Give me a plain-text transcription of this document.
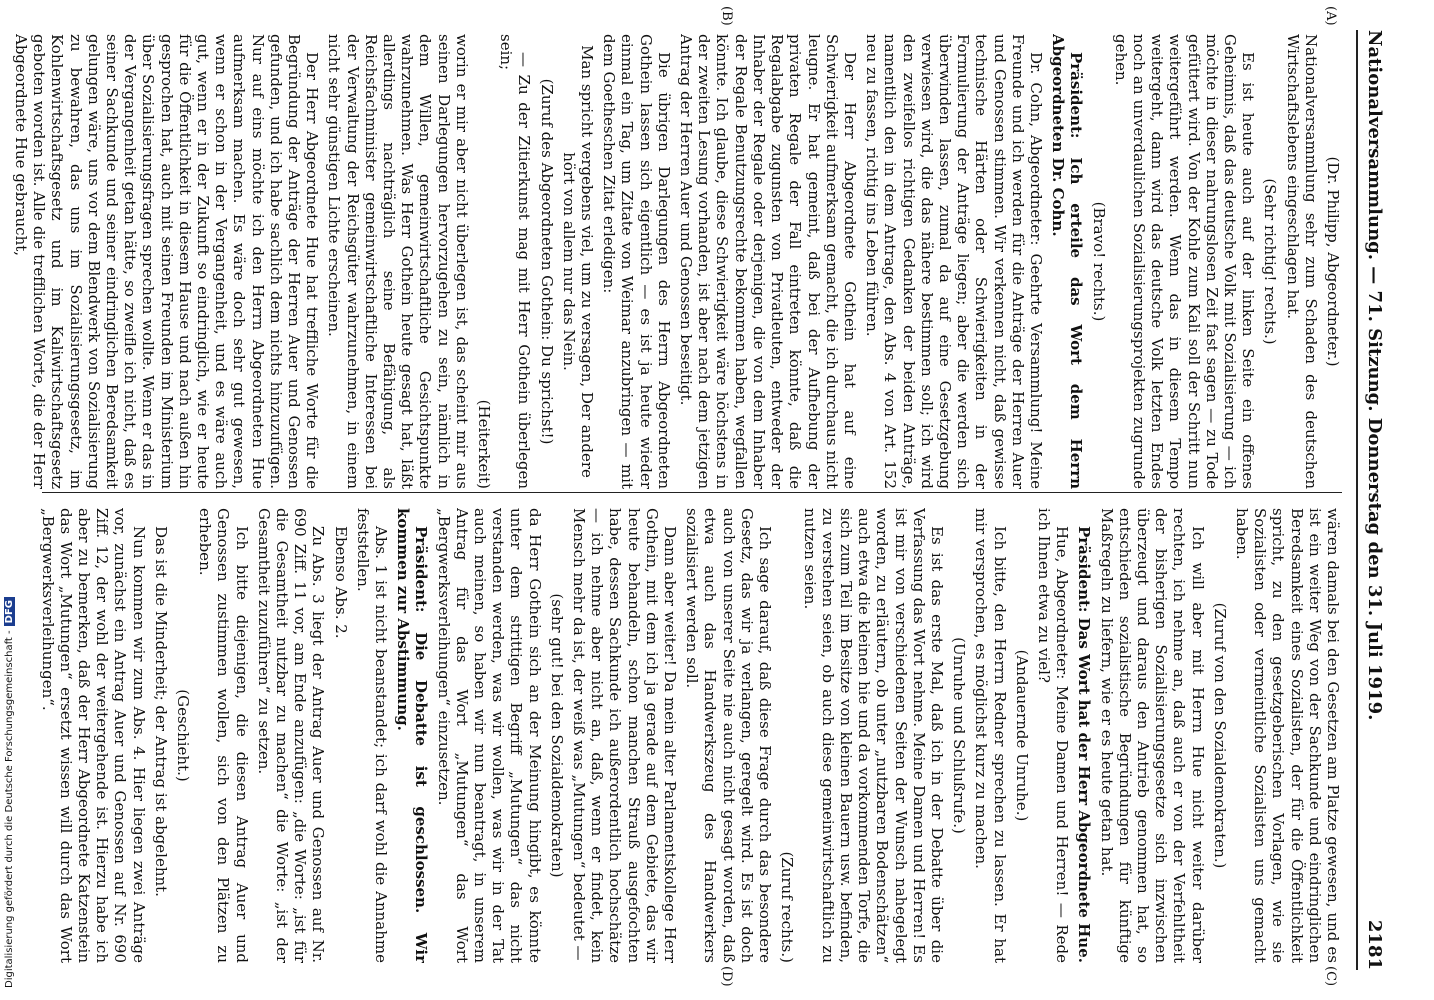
Nationalversammlung. — 71. Sitzung. Donnerstag den 31. Juli 1919.
2181
(A)
(B)
(C)
(D)

(Dr. Philipp, Abgeordneter.)

Nationalversammlung sehr zum Schaden des deutschen Wirtschaftslebens eingeschlagen hat.

(Sehr richtig! rechts.)

Es ist heute auch auf der linken Seite ein offenes Geheimnis, daß das deutsche Volk mit Sozialisierung — ich möchte in dieser nahrungslosen Zeit fast sagen — zu Tode gefüttert wird. Von der Kohle zum Kali soll der Schritt nun weitergeführt werden. Wenn das in diesem Tempo weitergeht, dann wird das deutsche Volk letzten Endes noch an unverdaulichen Sozialisierungsprojekten zugrunde gehen.

(Bravo! rechts.)

Präsident: Ich erteile das Wort dem Herrn Abgeordneten Dr. Cohn.

Dr. Cohn, Abgeordneter: Geehrte Versammlung! Meine Freunde und ich werden für die Anträge der Herren Auer und Genossen stimmen. Wir verkennen nicht, daß gewisse technische Härten oder Schwierigkeiten in der Formulierung der Anträge liegen; aber die werden sich überwinden lassen, zumal da auf eine Gesetzgebung verwiesen wird, die das nähere bestimmen soll; ich wird den zweifellos richtigen Gedanken der beiden Anträge, namentlich den in dem Antrage, den Abs. 4 von Art. 152 neu zu fassen, richtig ins Leben führen.

Der Herr Abgeordnete Gothein hat auf eine Schwierigkeit aufmerksam gemacht, die ich durchaus nicht leugne. Er hat gemeint, daß bei der Aufhebung der privaten Regale der Fall eintreten könnte, daß die Regalabgabe zugunsten von Privatleuten, entweder der Inhaber der Regale oder derjenigen, die von dem Inhaber der Regale Benutzungsrechte bekommen haben, wegfallen könnte. Ich glaube, diese Schwierigkeit wäre höchstens in der zweiten Lesung vorhanden, ist aber nach dem jetzigen Antrag der Herren Auer und Genossen beseitigt.

Die übrigen Darlegungen des Herrn Abgeordneten Gothein lassen sich eigentlich — es ist ja heute wieder einmal ein Tag, um Zitate von Weimar anzubringen — mit dem Goetheschen Zitat erledigen:

Man spricht vergebens viel, um zu versagen, Der andere hört von allem nur das Nein.

(Zuruf des Abgeordneten Gothein: Du sprichst!)

— Zu der Zitierkunst mag mit Herr Gothein überlegen sein;

(Heiterkeit)

worin er mir aber nicht überlegen ist, das scheint mir aus seinen Darlegungen hervorzugehen zu sein, nämlich in dem Willen, gemeinwirtschaftliche Gesichtspunkte wahrzunehmen. Was Herr Gothein heute gesagt hat, läßt allerdings nachträglich seine Befähigung, als Reichsfachminister gemeinwirtschaftliche Interessen bei der Verwaltung der Reichsgüter wahrzunehmen, in einem nicht sehr günstigen Lichte erscheinen.

Der Herr Abgeordnete Hue hat treffliche Worte für die Begründung der Anträge der Herren Auer und Genossen gefunden, und ich habe sachlich dem nichts hinzuzufügen. Nur auf eins möchte ich den Herrn Abgeordneten Hue aufmerksam machen. Es wäre doch sehr gut gewesen, wenn er schon in der Vergangenheit, und es wäre auch gut, wenn er in der Zukunft so eindringlich, wie er heute für die Öffentlichkeit in diesem Hause und nach außen hin gesprochen hat, auch mit seinen Freunden im Ministerium über Sozialisierungsfragen sprechen wollte. Wenn er das in der Vergangenheit getan hätte, so zweifle ich nicht, daß es seiner Sachkunde und seiner eindringlichen Beredsamkeit gelungen wäre, uns vor dem Blendwerk von Sozialisierung zu bewahren, das uns im Sozialisierungsgesetz, im Kohlenwirtschaftsgesetz und im Kaliwirtschaftsgesetz geboten worden ist. Alle die trefflichen Worte, die der Herr Abgeordnete Hue gebraucht,

wären damals bei den Gesetzen am Platze gewesen, und es ist ein weiter Weg von der Sachkunde und eindringlichen Beredsamkeit eines Sozialisten, der für die Öffentlichkeit spricht, zu den gesetzgeberischen Vorlagen, wie sie Sozialisten oder vermeintliche Sozialisten uns gemacht haben.

(Zuruf von den Sozialdemokraten.)

Ich will aber mit Herrn Hue nicht weiter darüber rechten, ich nehme an, daß auch er von der Verfehltheit der bisherigen Sozialisierungsgesetze sich inzwischen überzeugt und daraus den Antrieb genommen hat, so entschieden sozialistische Begründungen für künftige Maßregeln zu liefern, wie er es heute getan hat.

Präsident: Das Wort hat der Herr Abgeordnete Hue.

Hue, Abgeordneter: Meine Damen und Herren! — Rede ich Ihnen etwa zu viel?

(Andauernde Unruhe.)

Ich bitte, den Herrn Redner sprechen zu lassen. Er hat mir versprochen, es möglichst kurz zu machen.

(Unruhe und Schlußrufe.)

Es ist das erste Mal, daß ich in der Debatte über die Verfassung das Wort nehme. Meine Damen und Herren! Es ist mir von verschiedenen Seiten der Wunsch nahegelegt worden, zu erläutern, ob unter „nutzbaren Bodenschätzen“ auch etwa die kleinen hie und da vorkommenden Torfe, die sich zum Teil im Besitze von kleinen Bauern usw. befinden, zu verstehen seien, ob auch diese gemeinwirtschaftlich zu nutzen seien.

(Zuruf rechts.)

Ich sage darauf, daß diese Frage durch das besondere Gesetz, das wir ja verlangen, geregelt wird. Es ist doch auch von unserer Seite nie auch nicht gesagt worden, daß etwa auch das Handwerkszeug des Handwerkers sozialisiert werden soll.

Dann aber weiter! Da mein alter Parlamentskollege Herr Gothein, mit dem ich ja gerade auf dem Gebiete, das wir heute behandeln, schon manchen Strauß ausgefochten habe, dessen Sachkunde ich außerordentlich hochschätze — ich nehme aber nicht an, daß, wenn er findet, kein Mensch mehr da ist, der weiß was „Mutungen“ bedeutet —

(sehr gut! bei den Sozialdemokraten)

da Herr Gothein sich an der Meinung hingibt, es könnte unter dem strittigen Begriff „Mutungen“ das nicht verstanden werden, was wir wollen, was wir in der Tat auch meinen, so haben wir nun beantragt, in unserem Antrag für das Wort „Mutungen“ das Wort „Bergwerksverleihungen“ einzusetzen.

Präsident: Die Debatte ist geschlossen. Wir kommen zur Abstimmung.

Abs. 1 ist nicht beanstandet; ich darf wohl die Annahme feststellen.

Ebenso Abs. 2.

Zu Abs. 3 liegt der Antrag Auer und Genossen auf Nr. 690 Ziff. 11 vor, am Ende anzufügen: „die Worte: „ist für die Gesamtheit nutzbar zu machen“ die Worte: „ist der Gesamtheit zuzuführen“ zu setzen.

Ich bitte diejenigen, die diesen Antrag Auer und Genossen zustimmen wollen, sich von den Plätzen zu erheben.

(Geschieht.)

Das ist die Minderheit; der Antrag ist abgelehnt.

Nun kommen wir zum Abs. 4. Hier liegen zwei Anträge vor, zunächst ein Antrag Auer und Genossen auf Nr. 690 Ziff. 12, der wohl der weitergehende ist. Hierzu habe ich aber zu bemerken, daß der Herr Abgeordnete Katzenstein das Wort „Mutungen“ ersetzt wissen will durch das Wort „Bergwerksverleihungen“.

Digitalisierung gefördert durch die Deutsche Forschungsgemeinschaft -DFG
